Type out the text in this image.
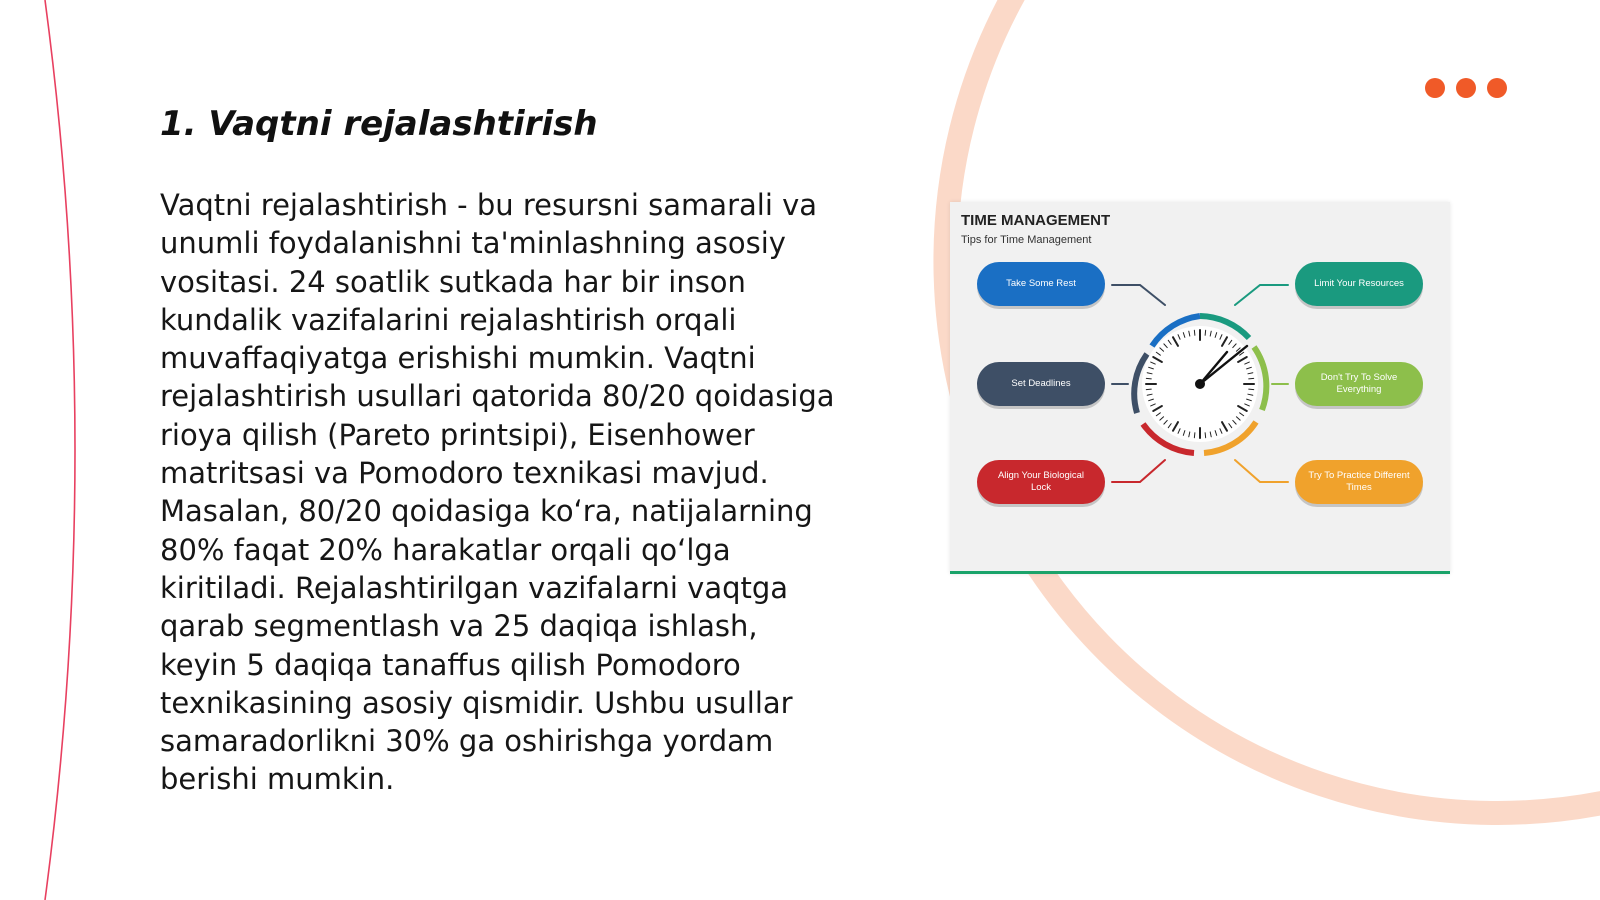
1. Vaqtni rejalashtirish

Vaqtni rejalashtirish - bu resursni samarali va unumli foydalanishni ta'minlashning asosiy vositasi. 24 soatlik sutkada har bir inson kundalik vazifalarini rejalashtirish orqali muvaffaqiyatga erishishi mumkin. Vaqtni rejalashtirish usullari qatorida 80/20 qoidasiga rioya qilish (Pareto printsipi), Eisenhower matritsasi va Pomodoro texnikasi mavjud. Masalan, 80/20 qoidasiga ko‘ra, natijalarning 80% faqat 20% harakatlar orqali qo‘lga kiritiladi. Rejalashtirilgan vazifalarni vaqtga qarab segmentlash va 25 daqiqa ishlash, keyin 5 daqiqa tanaffus qilish Pomodoro texnikasining asosiy qismidir. Ushbu usullar samaradorlikni 30% ga oshirishga yordam berishi mumkin.

TIME MANAGEMENT
Tips for Time Management
Take Some Rest	Limit Your Resources
Set Deadlines
Don't Try To Solve Everything
Align Your Biological Lock
Try To Practice Different Times
